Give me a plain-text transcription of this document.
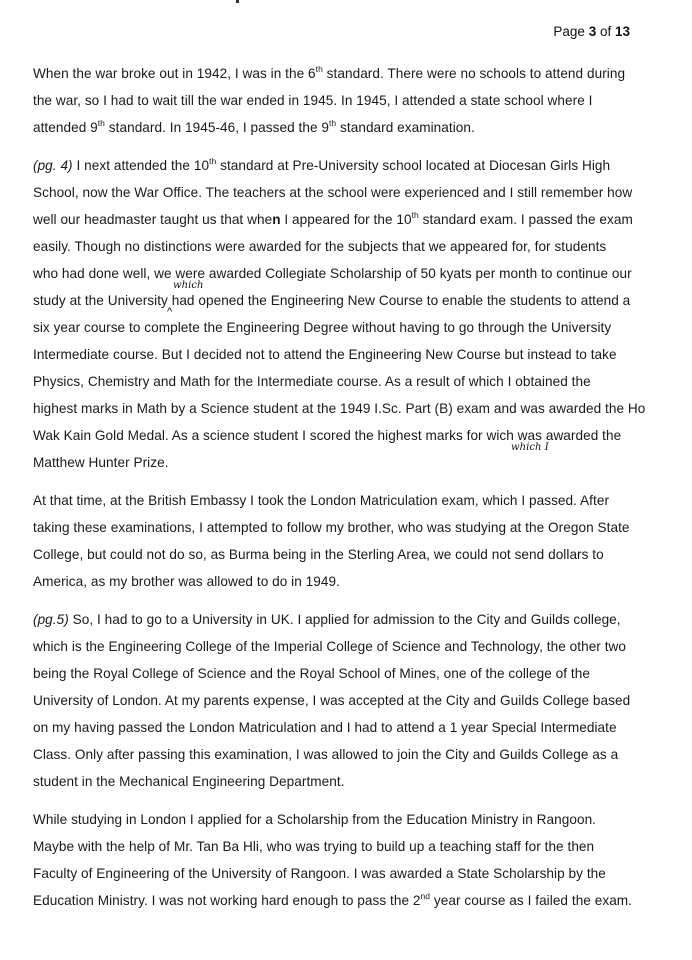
Page 3 of 13
When the war broke out in 1942, I was in the 6th standard. There were no schools to attend during
the war, so I had to wait till the war ended in 1945. In 1945, I attended a state school where I
attended 9th standard. In 1945-46, I passed the 9th standard examination.
(pg. 4) I next attended the 10th standard at Pre-University school located at Diocesan Girls High
School, now the War Office. The teachers at the school were experienced and I still remember how
well our headmaster taught us that when I appeared for the 10th standard exam. I passed the exam
easily. Though no distinctions were awarded for the subjects that we appeared for, for students
who had done well, we were awarded Collegiate Scholarship of 50 kyats per month to continue our
study at the University had opened the Engineering New Course to enable the students to attend a
six year course to complete the Engineering Degree without having to go through the University
Intermediate course. But I decided not to attend the Engineering New Course but instead to take
Physics, Chemistry and Math for the Intermediate course. As a result of which I obtained the
highest marks in Math by a Science student at the 1949 I.Sc. Part (B) exam and was awarded the Ho
Wak Kain Gold Medal. As a science student I scored the highest marks for wich was awarded the
Matthew Hunter Prize.
which
^
which I
At that time, at the British Embassy I took the London Matriculation exam, which I passed. After
taking these examinations, I attempted to follow my brother, who was studying at the Oregon State
College, but could not do so, as Burma being in the Sterling Area, we could not send dollars to
America, as my brother was allowed to do in 1949.
(pg.5) So, I had to go to a University in UK. I applied for admission to the City and Guilds college,
which is the Engineering College of the Imperial College of Science and Technology, the other two
being the Royal College of Science and the Royal School of Mines, one of the college of the
University of London. At my parents expense, I was accepted at the City and Guilds College based
on my having passed the London Matriculation and I had to attend a 1 year Special Intermediate
Class. Only after passing this examination, I was allowed to join the City and Guilds College as a
student in the Mechanical Engineering Department.
While studying in London I applied for a Scholarship from the Education Ministry in Rangoon.
Maybe with the help of Mr. Tan Ba Hli, who was trying to build up a teaching staff for the then
Faculty of Engineering of the University of Rangoon. I was awarded a State Scholarship by the
Education Ministry. I was not working hard enough to pass the 2nd year course as I failed the exam.
